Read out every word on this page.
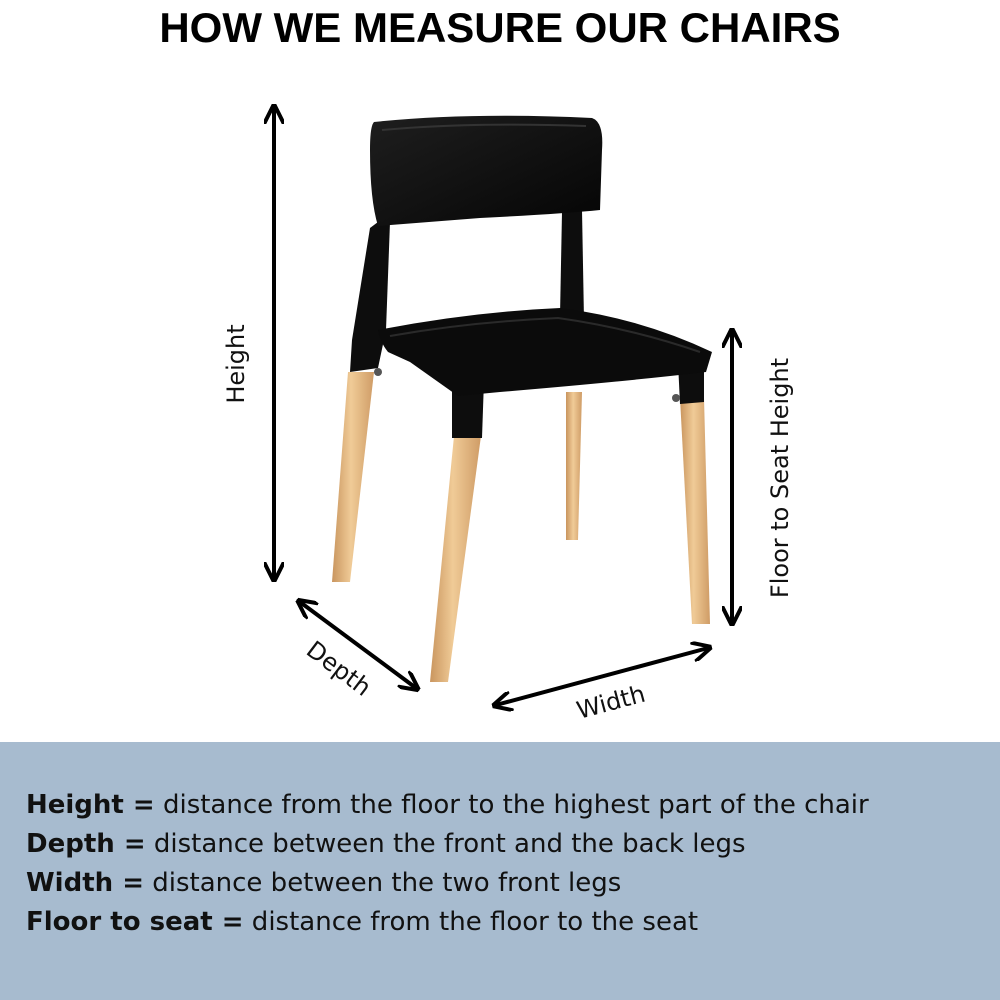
HOW WE MEASURE OUR CHAIRS
Height	Floor to Seat Height
Depth
Width
Height = distance from the floor to the highest part of the chair
Depth = distance between the front and the back legs
Width = distance between the two front legs
Floor to seat = distance from the floor to the seat
